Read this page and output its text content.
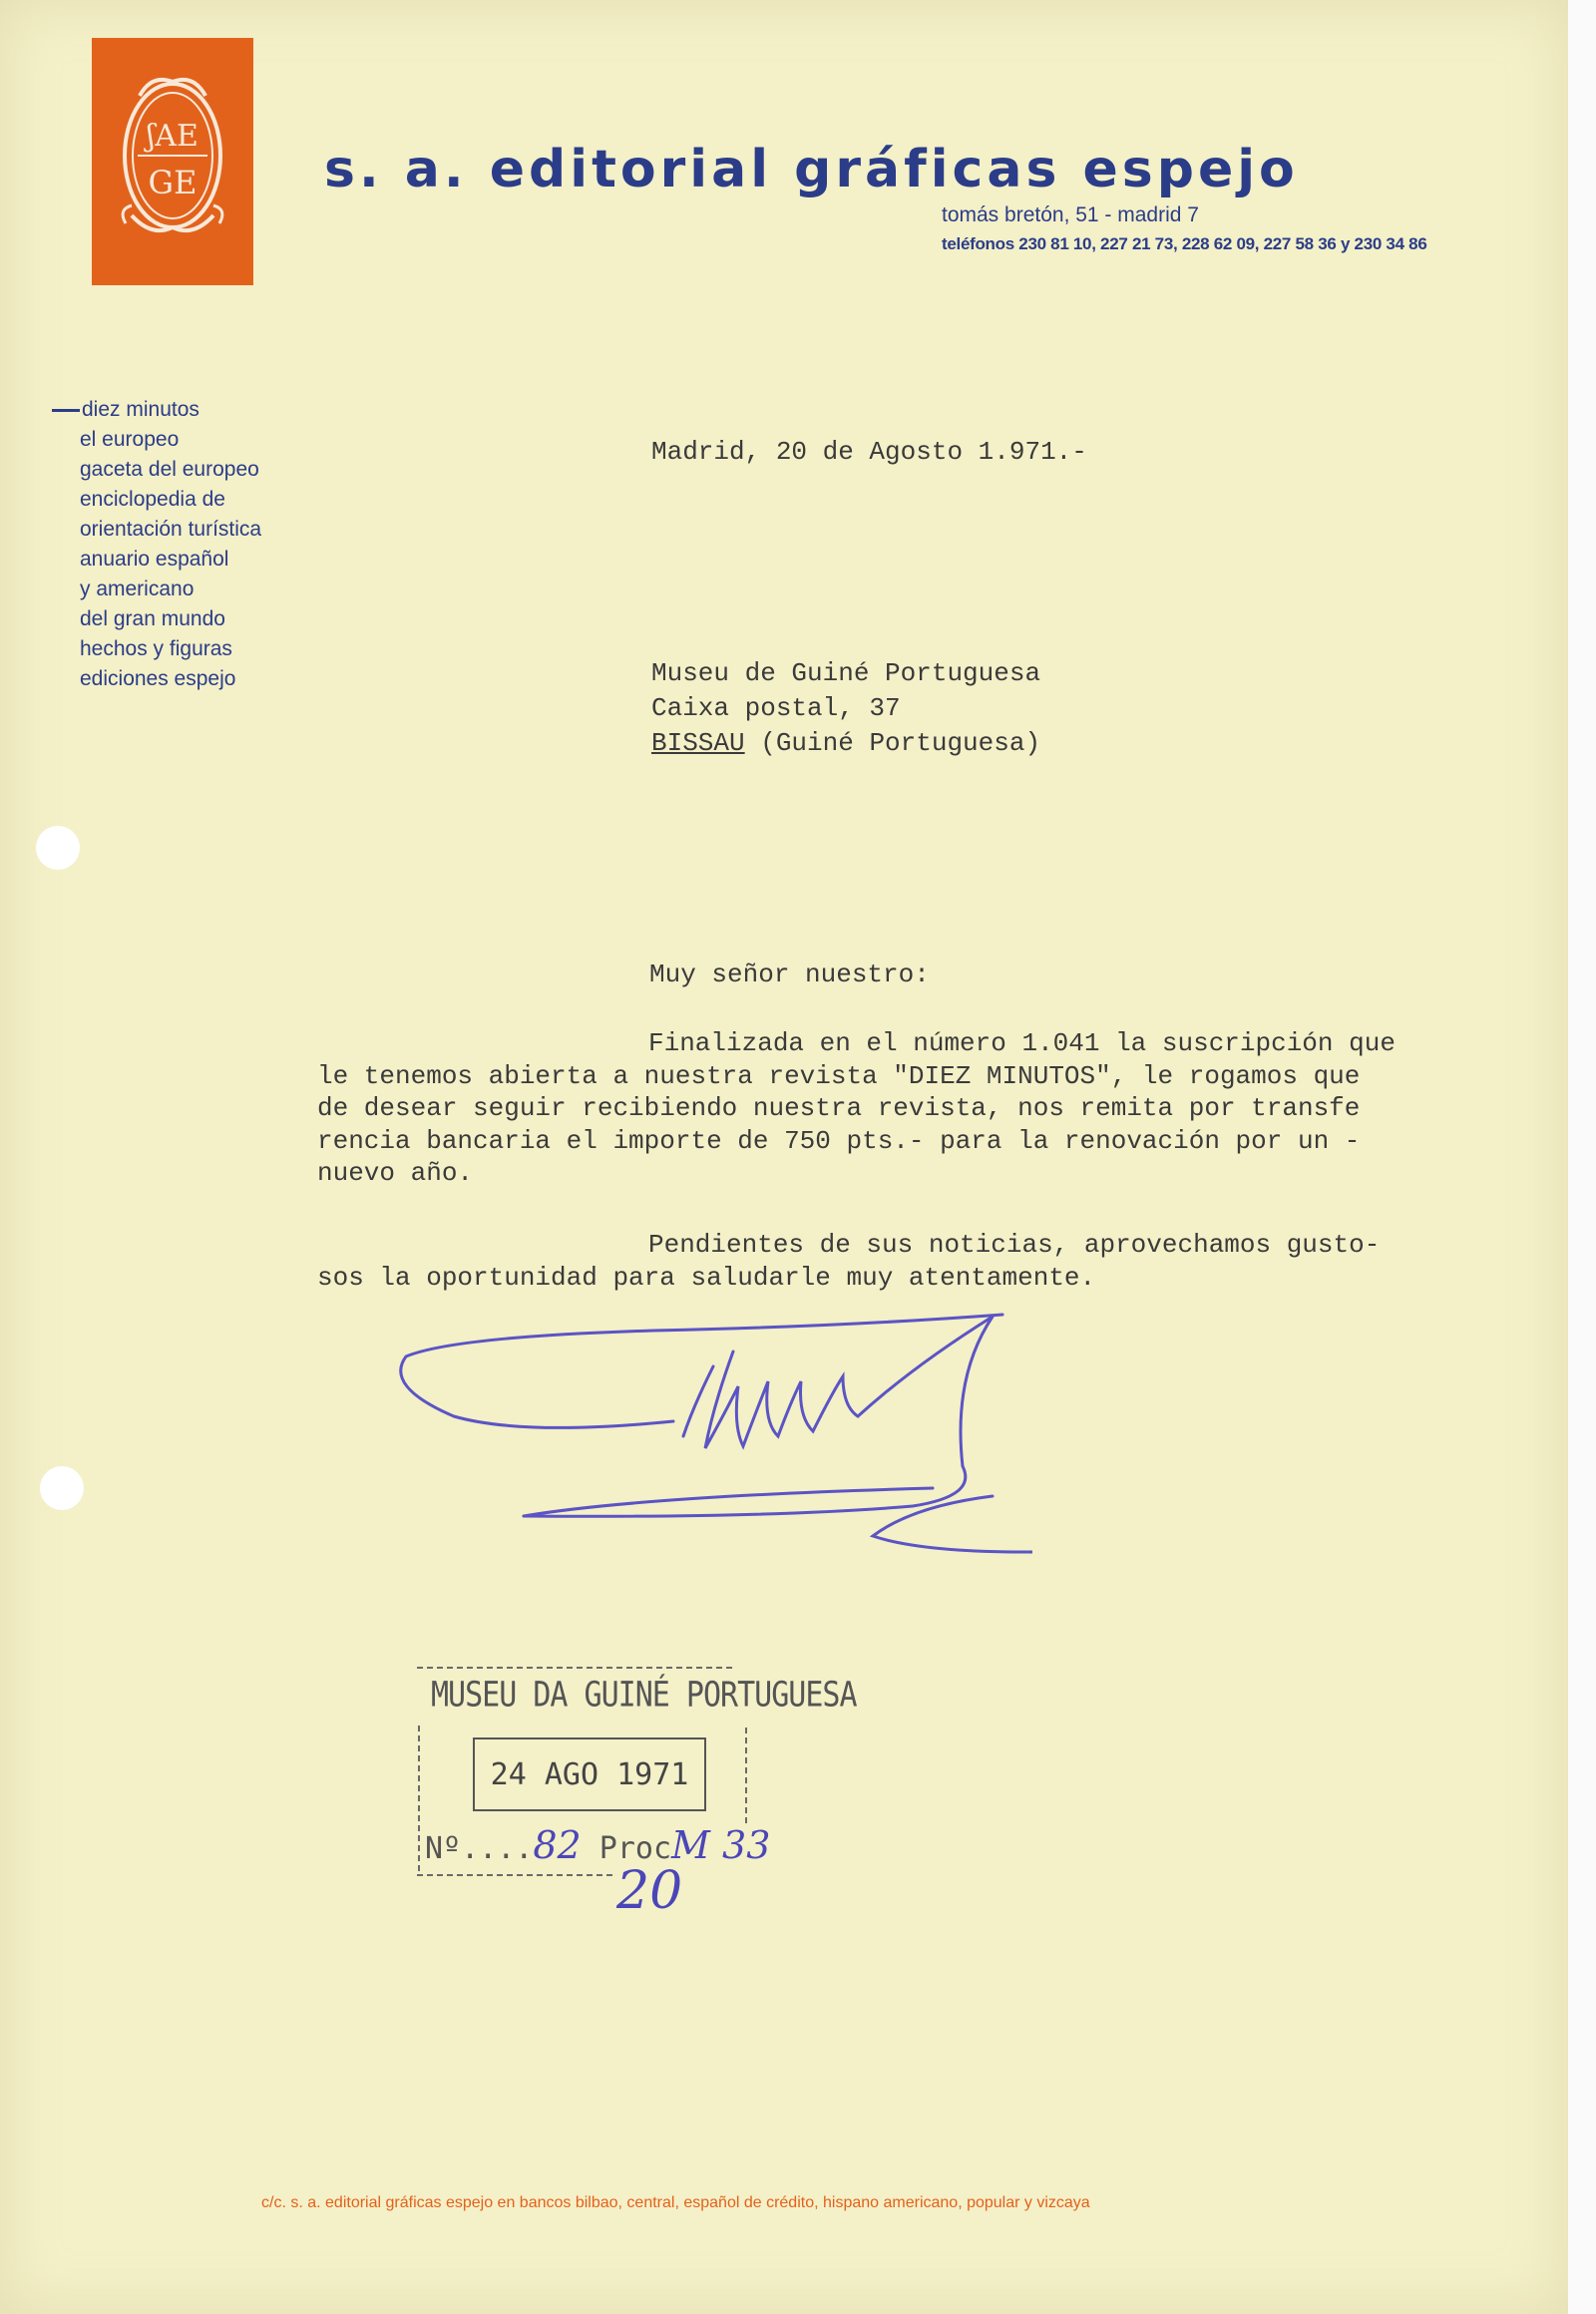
ʃAE
GE s. a. editorial gráficas espejo
tomás bretón, 51 - madrid 7
teléfonos 230 81 10, 227 21 73, 228 62 09, 227 58 36 y 230 34 86
diez minutos
el europeo
gaceta del europeo
enciclopedia de
orientación turística
anuario español
y americano
del gran mundo
hechos y figuras
ediciones espejo
Madrid, 20 de Agosto 1.971.-
Museu de Guiné Portuguesa
Caixa postal, 37
BISSAU (Guiné Portuguesa)
Muy señor nuestro:
Finalizada en el número 1.041 la suscripción que
le tenemos abierta a nuestra revista "DIEZ MINUTOS", le rogamos que
de desear seguir recibiendo nuestra revista, nos remita por transfe
rencia bancaria el importe de 750 pts.- para la renovación por un -
nuevo año.
Pendientes de sus noticias, aprovechamos gusto-
sos la oportunidad para saludarle muy atentamente.
MUSEU DA GUINÉ PORTUGUESA
24 AGO 1971
Nº....82 ProcM 33
20
c/c. s. a. editorial gráficas espejo en bancos bilbao, central, español de crédito, hispano americano, popular y vizcaya
